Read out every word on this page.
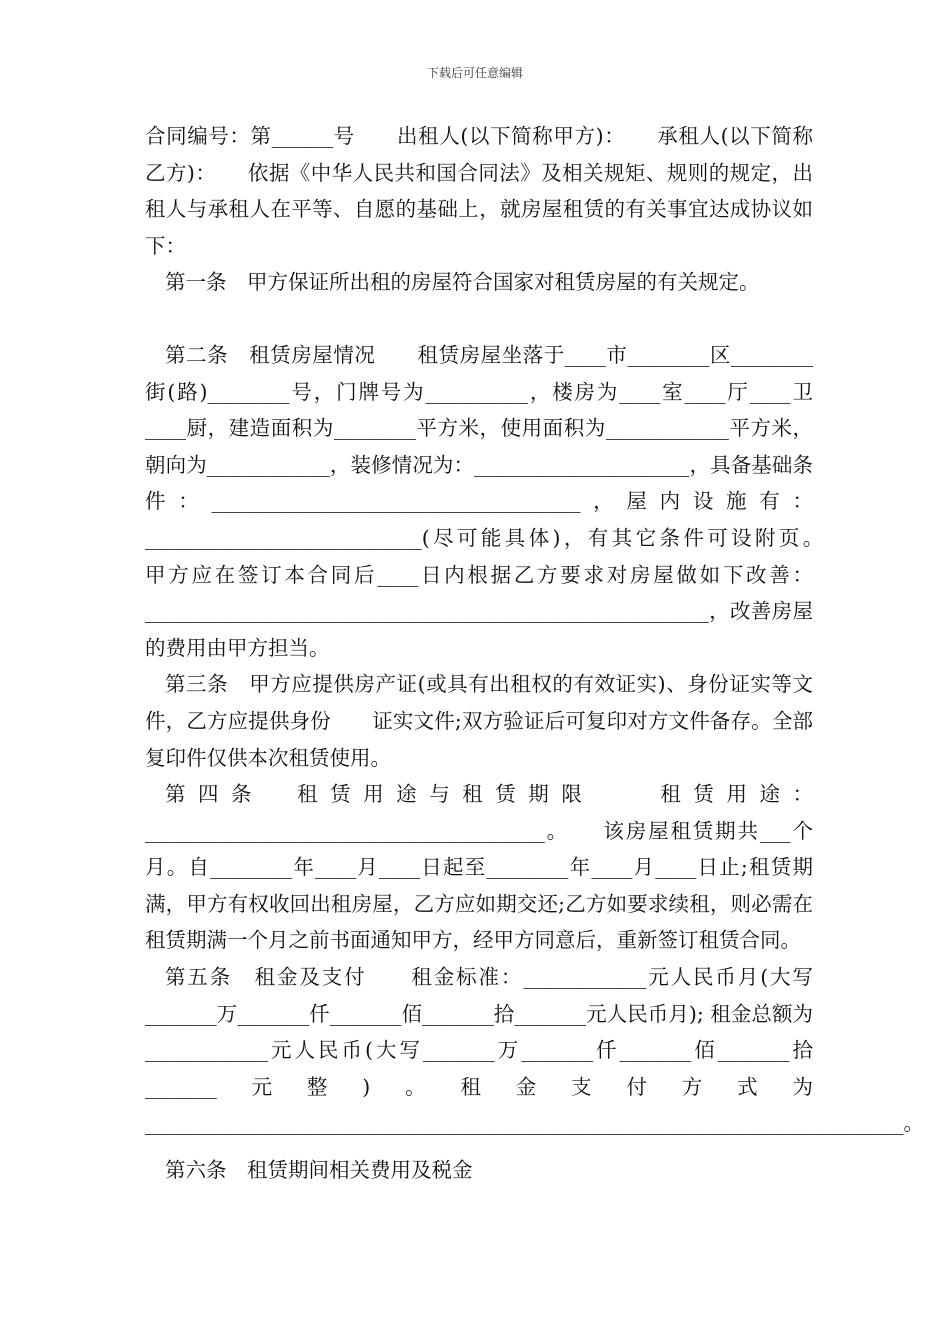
下载后可任意编辑

合同编号：第______号　　出租人(以下简称甲方)：　　承租人(以下简称乙方)：　　依据《中华人民共和国合同法》及相关规矩、规则的规定，出租人与承租人在平等、自愿的基础上，就房屋租赁的有关事宜达成协议如下：

第一条　甲方保证所出租的房屋符合国家对租赁房屋的有关规定。

第二条　租赁房屋情况　　租赁房屋坐落于____市________区________街(路)________号，门牌号为__________，楼房为____室____厅____卫____厨，建造面积为________平方米，使用面积为____________平方米，朝向为____________，装修情况为：_____________________，具备基础条件：____________________________________，屋内设施有：___________________________(尽可能具体)，有其它条件可设附页。　　甲方应在签订本合同后____日内根据乙方要求对房屋做如下改善：_______________________________________________________，改善房屋的费用由甲方担当。

第三条　甲方应提供房产证(或具有出租权的有效证实)、身份证实等文件，乙方应提供身份　　证实文件;双方验证后可复印对方文件备存。全部复印件仅供本次租赁使用。

第四条　租赁用途与租赁期限　　租赁用途：_______________________________________。　　该房屋租赁期共___个月。自________年____月____日起至________年____月____日止;租赁期满，甲方有权收回出租房屋，乙方应如期交还;乙方如要求续租，则必需在租赁期满一个月之前书面通知甲方，经甲方同意后，重新签订租赁合同。

第五条　租金及支付　　租金标准：____________元人民币月(大写_______万_______仟_______佰_______拾_______元人民币月); 租金总额为____________元人民币(大写_______万_______仟_______佰_______拾_______元整)。租金支付方式为__________________________________________________________________________。

第六条　租赁期间相关费用及税金
